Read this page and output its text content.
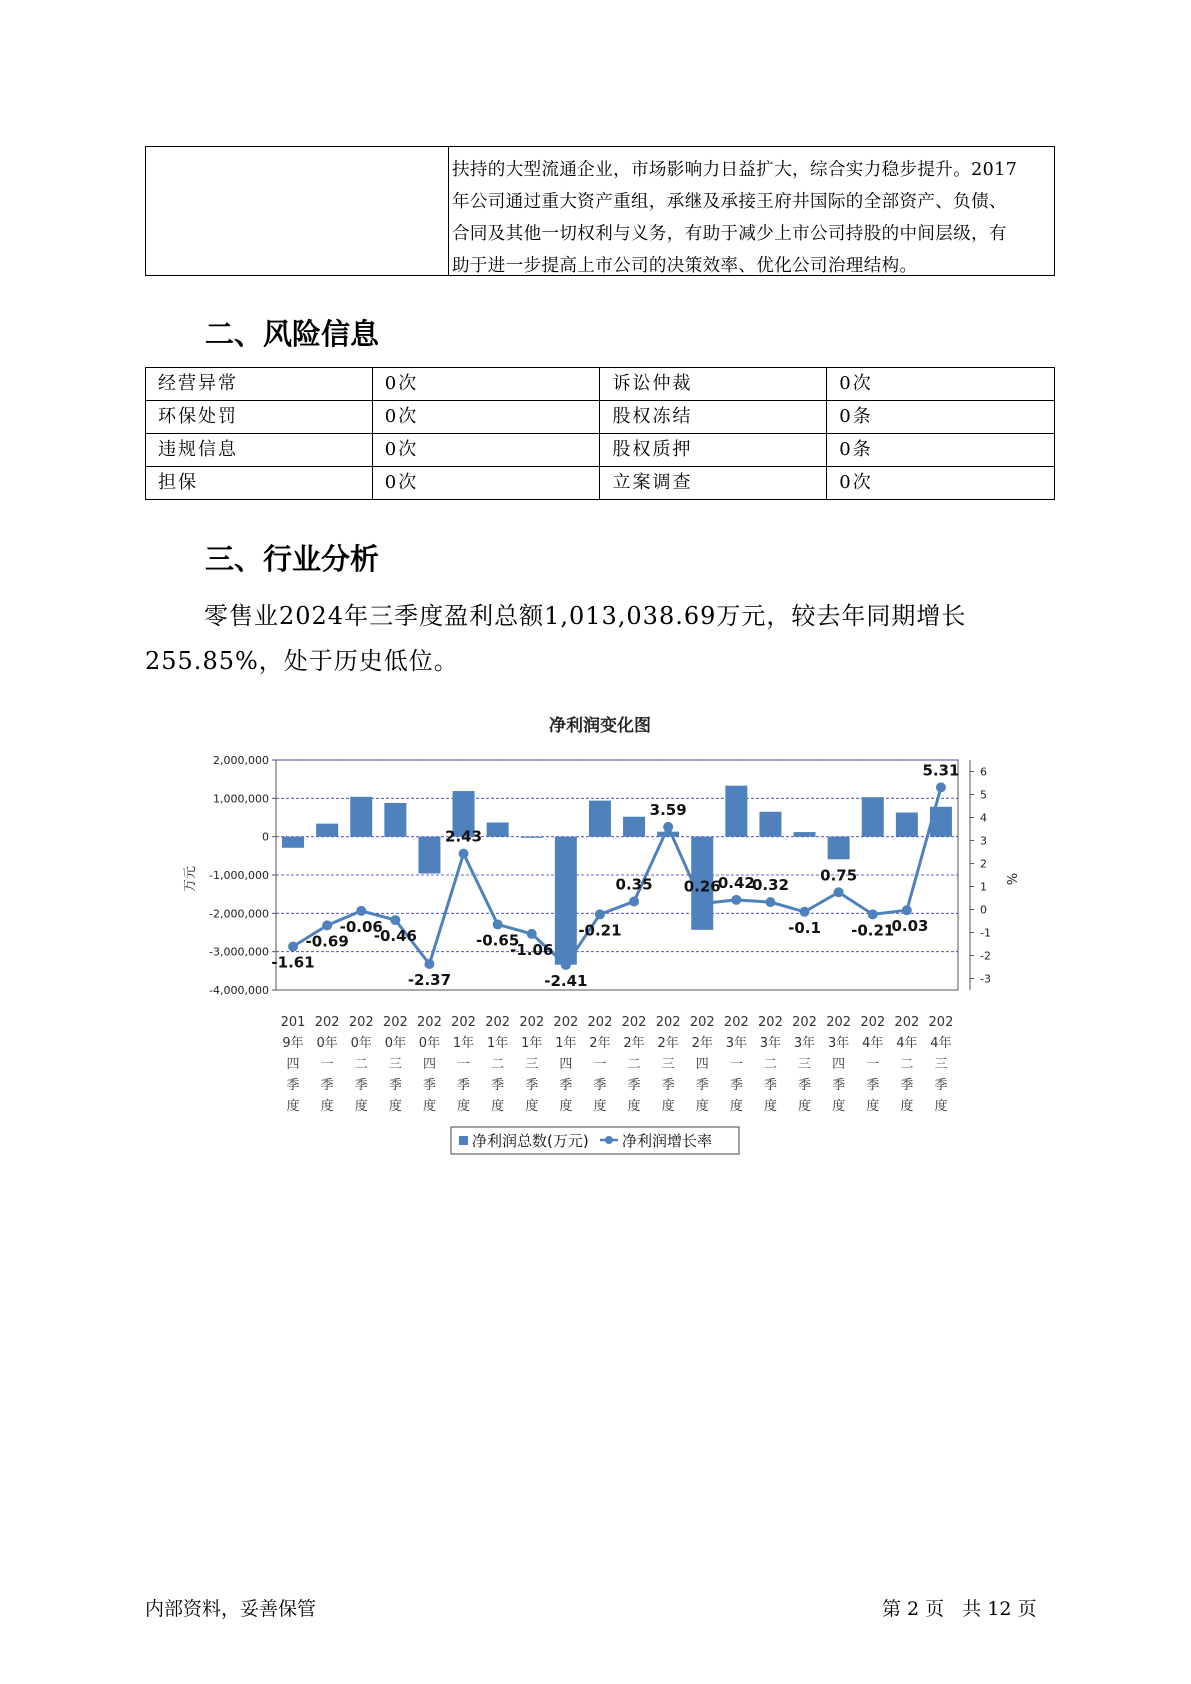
扶持的大型流通企业，市场影响力日益扩大，综合实力稳步提升。2017
年公司通过重大资产重组，承继及承接王府井国际的全部资产、负债、
合同及其他一切权利与义务，有助于减少上市公司持股的中间层级，有
助于进一步提高上市公司的决策效率、优化公司治理结构。
二、风险信息
经营异常	0次	诉讼仲裁	0次
环保处罚	0次	股权冻结	0条
违规信息	0次	股权质押	0条
担保	0次	立案调查	0次
三、行业分析
零售业2024年三季度盈利总额1,013,038.69万元，较去年同期增长
255.85%，处于历史低位。
净利润变化图
2,000,000
1,000,000
0
-1,000,000
-2,000,000
-3,000,000
-4,000,000
6
5
4
3
2
1
0
-1
-2
-3
万元	%
-1.61
-0.69
-0.06
-0.46
-2.37
2.43
-0.65
-1.06
-2.41
-0.21
0.35
3.59
0.26
0.42
0.32
-0.1
0.75
-0.21
-0.03
5.31
201
9年
四
季
度
202
0年
一
季
度
202
0年
二
季
度
202
0年
三
季
度
202
0年
四
季
度
202
1年
一
季
度
202
1年
二
季
度
202
1年
三
季
度
202
1年
四
季
度
202
2年
一
季
度
202
2年
二
季
度
202
2年
三
季
度
202
2年
四
季
度
202
3年
一
季
度
202
3年
二
季
度
202
3年
三
季
度
202
3年
四
季
度
202
4年
一
季
度
202
4年
二
季
度
202
4年
三
季
度
净利润总数(万元) 净利润增长率
内部资料，妥善保管	第 2 页   共 12 页
